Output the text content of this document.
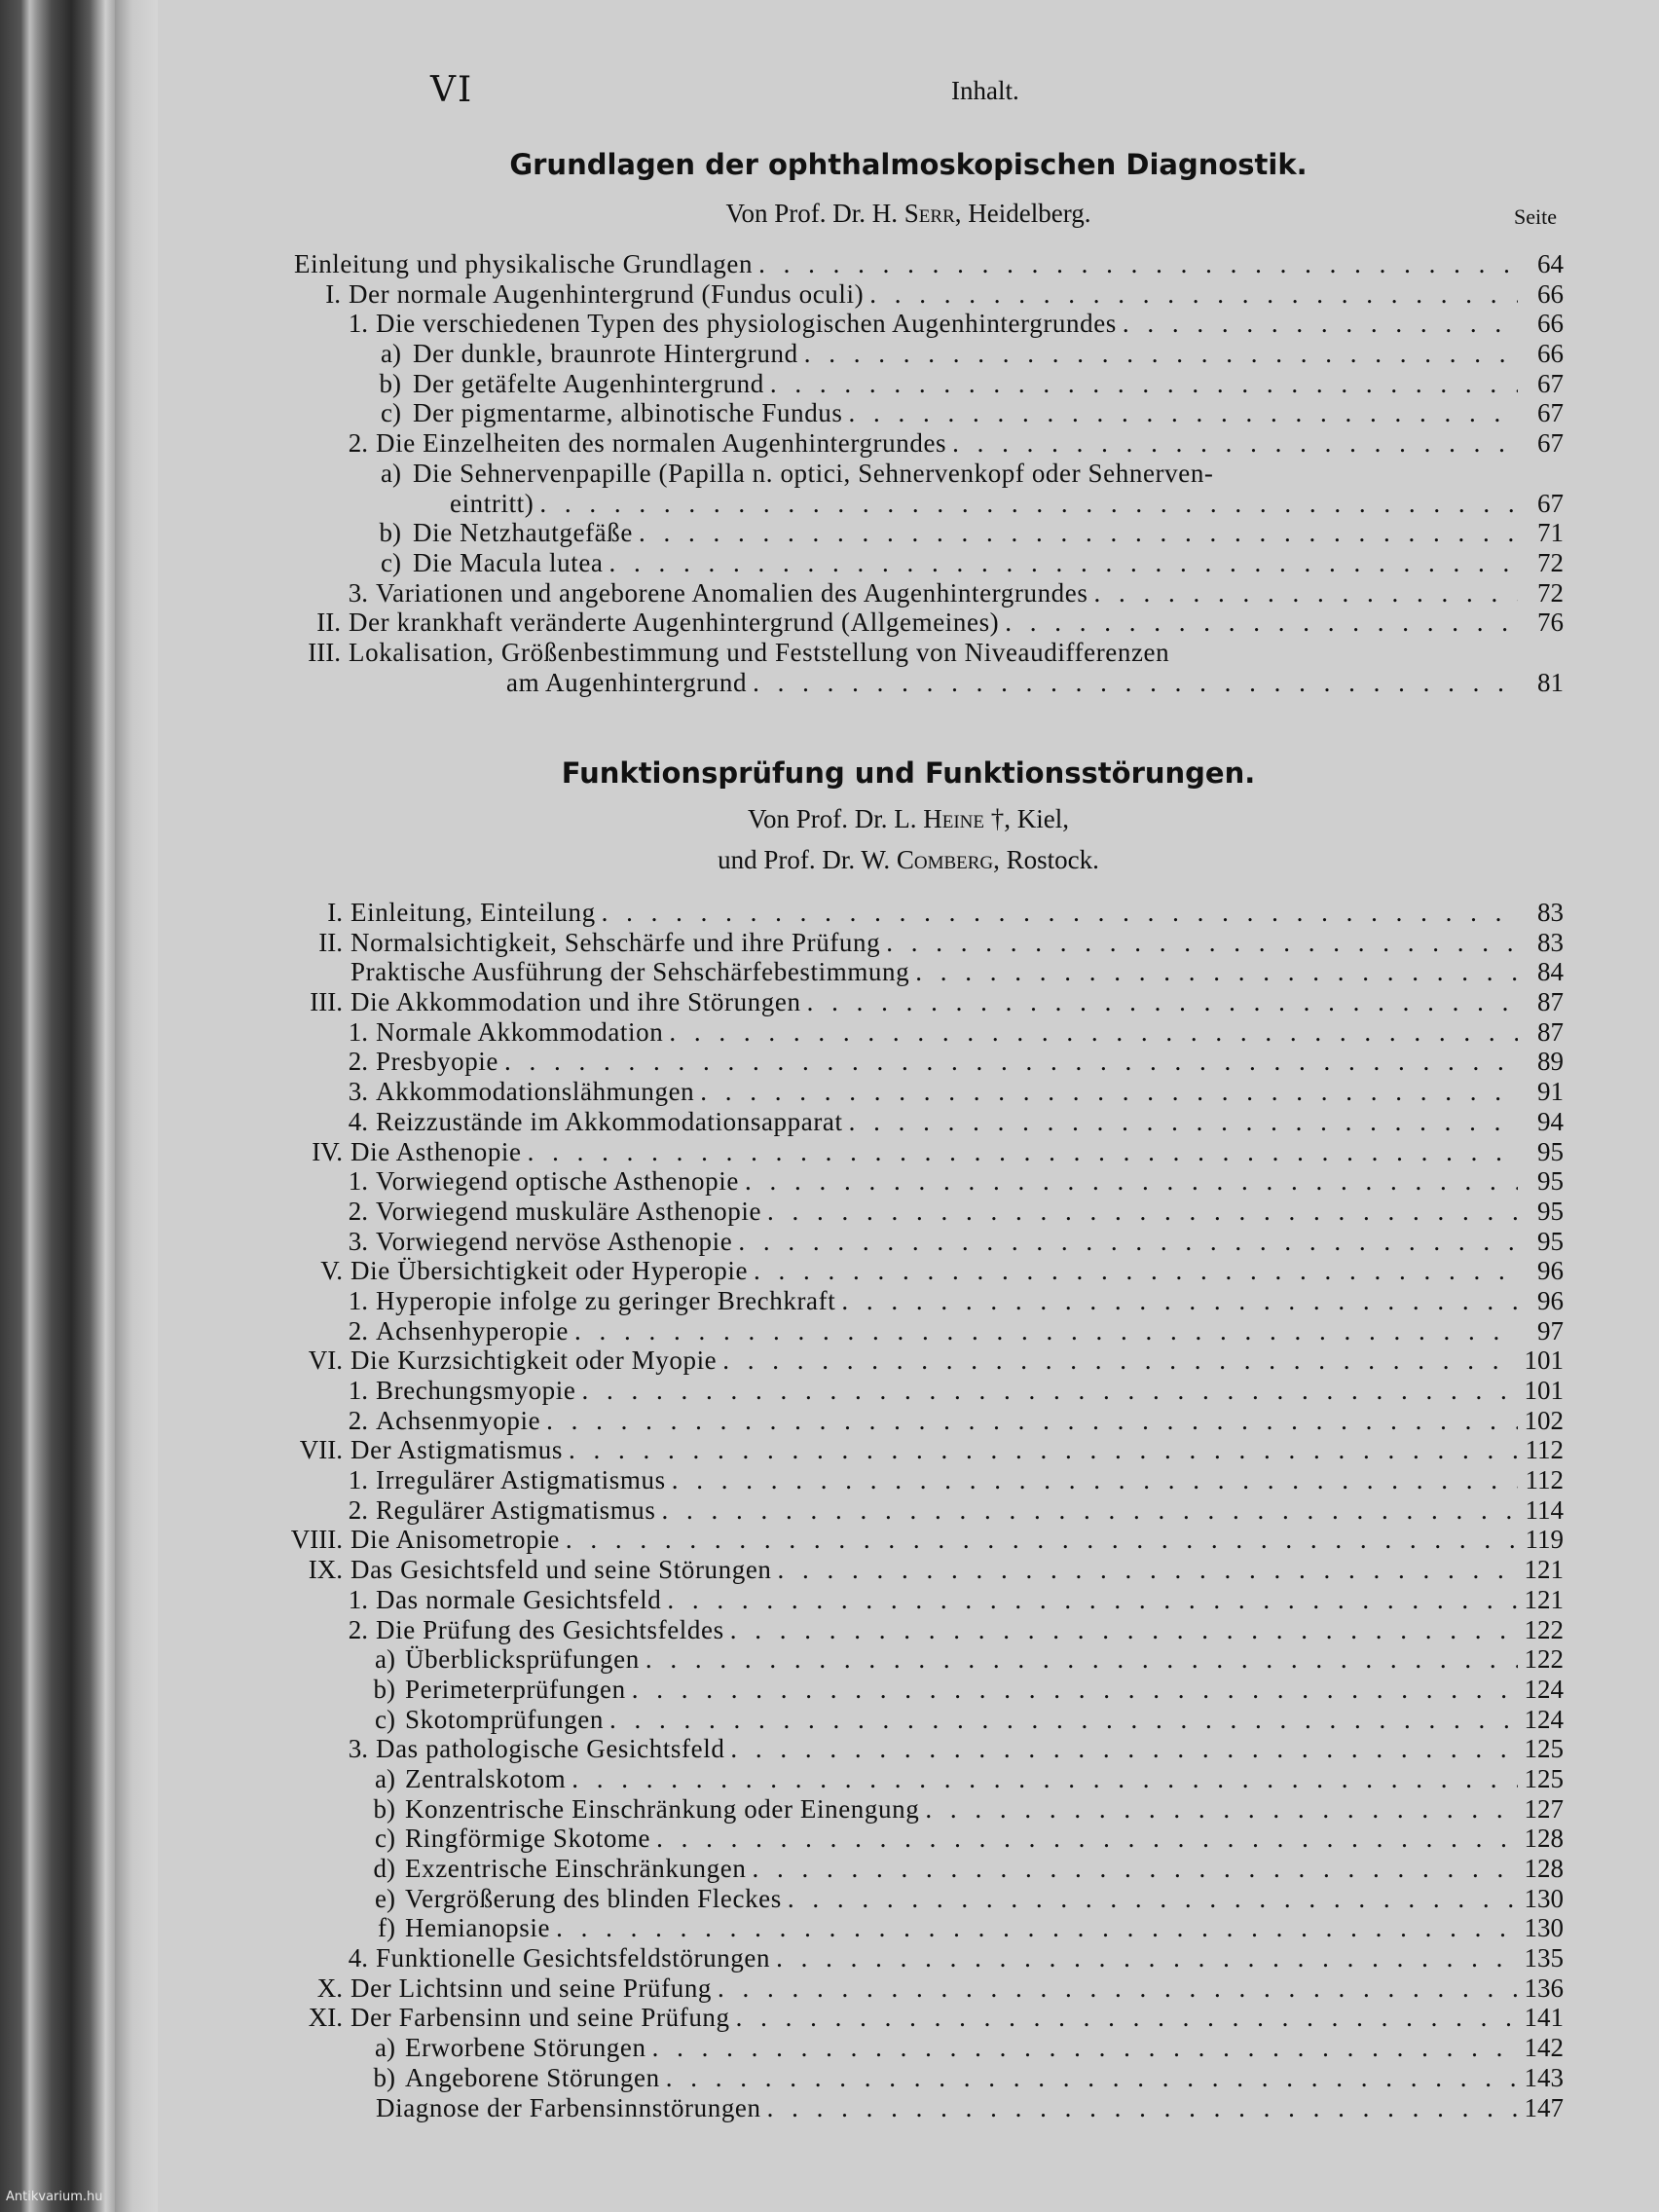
Antikvarium.hu
VI	Inhalt.
Grundlagen der ophthalmoskopischen Diagnostik.
Von Prof. Dr. H. Serr, Heidelberg.	Seite
Einleitung und physikalische Grundlagen . . .	64
I. Der normale Augenhintergrund (Fundus oculi) . . .	66
1. Die verschiedenen Typen des physiologischen Augenhintergrundes . . .	66
a) Der dunkle, braunrote Hintergrund . . .	66
b) Der getäfelte Augenhintergrund . . .	67
c) Der pigmentarme, albinotische Fundus . . .	67
2. Die Einzelheiten des normalen Augenhintergrundes . . .	67
a) Die Sehnervenpapille (Papilla n. optici, Sehnervenkopf oder Sehnerven-
eintritt) . . .	67
b) Die Netzhautgefäße . . .	71
c) Die Macula lutea . . .	72
3. Variationen und angeborene Anomalien des Augenhintergrundes . . .	72
II. Der krankhaft veränderte Augenhintergrund (Allgemeines) . . .	76
III. Lokalisation, Größenbestimmung und Feststellung von Niveaudifferenzen
am Augenhintergrund . . .	81
Funktionsprüfung und Funktionsstörungen.
Von Prof. Dr. L. Heine †, Kiel,
und Prof. Dr. W. Comberg, Rostock.
I. Einleitung, Einteilung . . .	83
II. Normalsichtigkeit, Sehschärfe und ihre Prüfung . . .	83
Praktische Ausführung der Sehschärfebestimmung . . .	84
III. Die Akkommodation und ihre Störungen . . .	87
1. Normale Akkommodation . . .	87
2. Presbyopie . . .	89
3. Akkommodationslähmungen . . .	91
4. Reizzustände im Akkommodationsapparat . . .	94
IV. Die Asthenopie . . .	95
1. Vorwiegend optische Asthenopie . . .	95
2. Vorwiegend muskuläre Asthenopie . . .	95
3. Vorwiegend nervöse Asthenopie . . .	95
V. Die Übersichtigkeit oder Hyperopie . . .	96
1. Hyperopie infolge zu geringer Brechkraft . . .	96
2. Achsenhyperopie . . .	97
VI. Die Kurzsichtigkeit oder Myopie . . .	101
1. Brechungsmyopie . . .	101
2. Achsenmyopie . . .	102
VII. Der Astigmatismus . . .	112
1. Irregulärer Astigmatismus . . .	112
2. Regulärer Astigmatismus . . .	114
VIII. Die Anisometropie . . .	119
IX. Das Gesichtsfeld und seine Störungen . . .	121
1. Das normale Gesichtsfeld . . .	121
2. Die Prüfung des Gesichtsfeldes . . .	122
a) Überblicksprüfungen . . .	122
b) Perimeterprüfungen . . .	124
c) Skotomprüfungen . . .	124
3. Das pathologische Gesichtsfeld . . .	125
a) Zentralskotom . . .	125
b) Konzentrische Einschränkung oder Einengung . . .	127
c) Ringförmige Skotome . . .	128
d) Exzentrische Einschränkungen . . .	128
e) Vergrößerung des blinden Fleckes . . .	130
f) Hemianopsie . . .	130
4. Funktionelle Gesichtsfeldstörungen . . .	135
X. Der Lichtsinn und seine Prüfung . . .	136
XI. Der Farbensinn und seine Prüfung . . .	141
a) Erworbene Störungen . . .	142
b) Angeborene Störungen . . .	143
Diagnose der Farbensinnstörungen . . .	147
